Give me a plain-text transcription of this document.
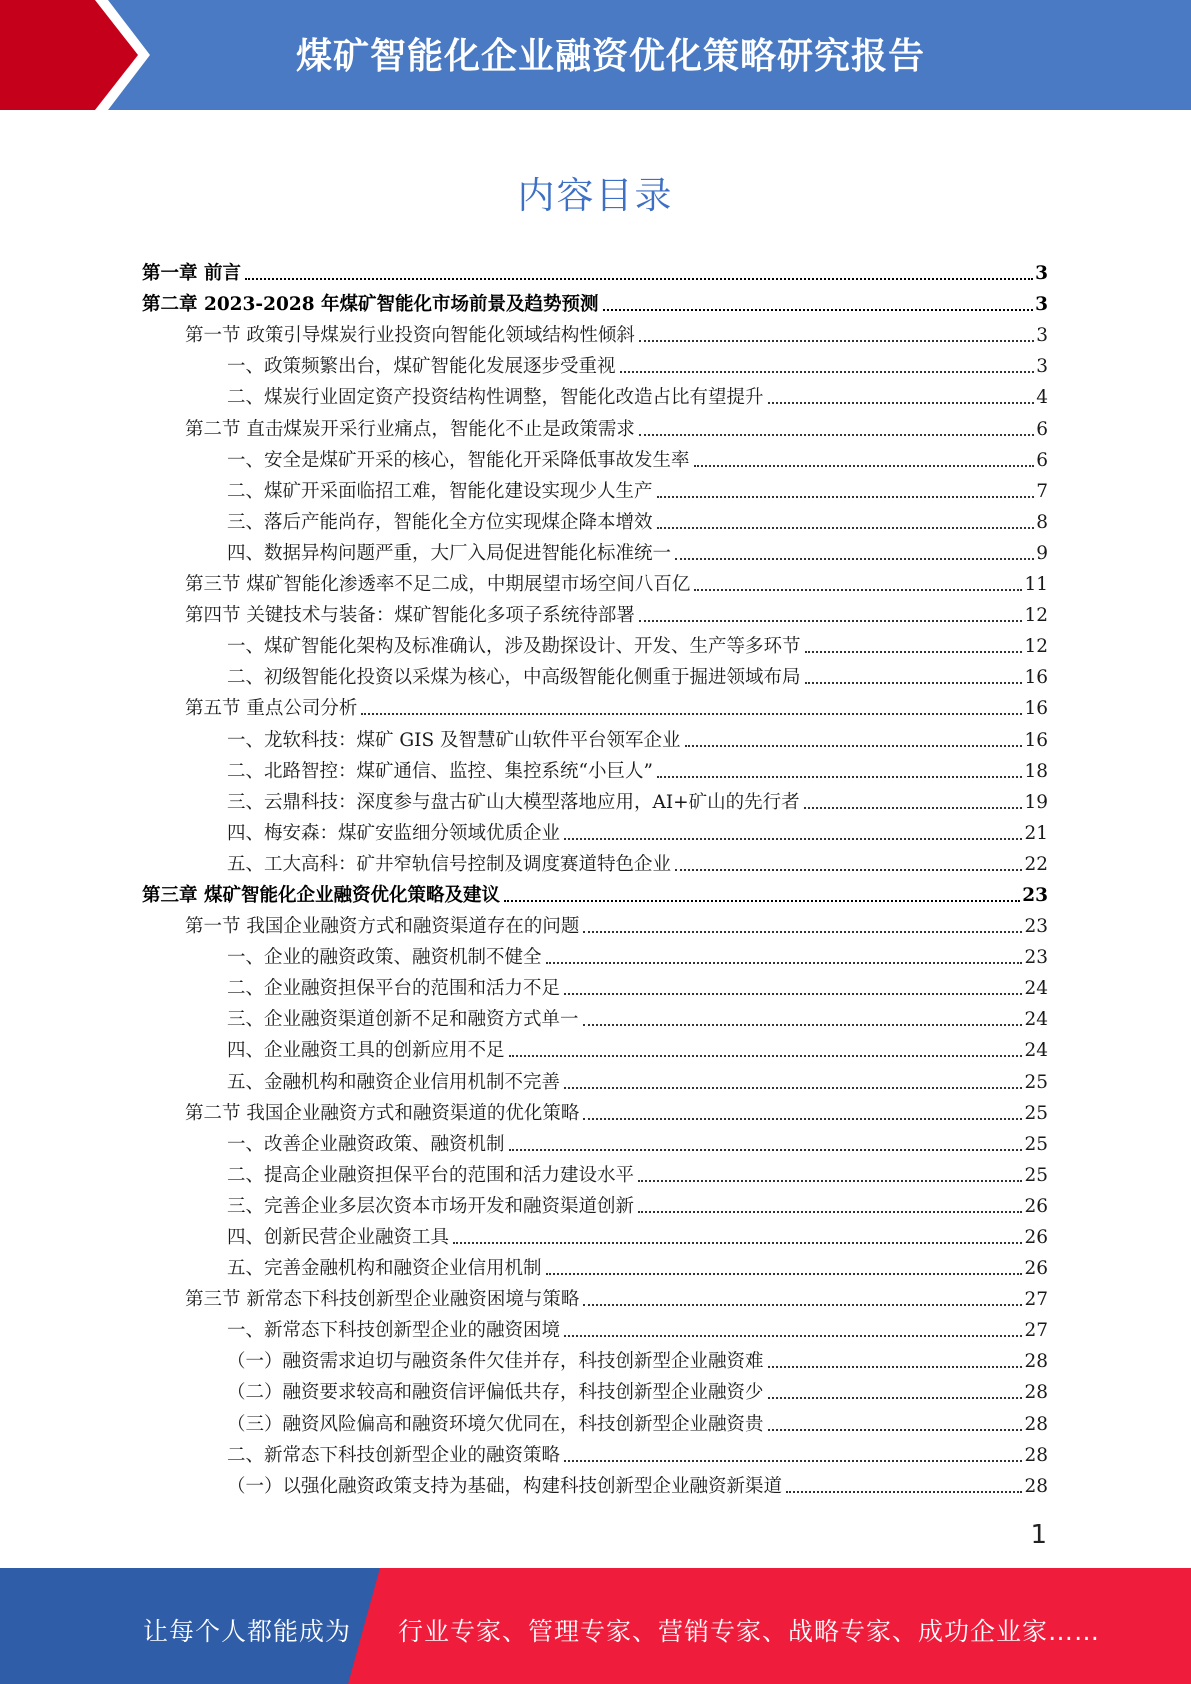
煤矿智能化企业融资优化策略研究报告
内容目录
第一章 前言	3
第二章 2023-2028 年煤矿智能化市场前景及趋势预测	3
第一节 政策引导煤炭行业投资向智能化领域结构性倾斜	3
一、政策频繁出台，煤矿智能化发展逐步受重视	3
二、煤炭行业固定资产投资结构性调整，智能化改造占比有望提升	4
第二节 直击煤炭开采行业痛点，智能化不止是政策需求	6
一、安全是煤矿开采的核心，智能化开采降低事故发生率	6
二、煤矿开采面临招工难，智能化建设实现少人生产	7
三、落后产能尚存，智能化全方位实现煤企降本增效	8
四、数据异构问题严重，大厂入局促进智能化标准统一	9
第三节 煤矿智能化渗透率不足二成，中期展望市场空间八百亿	11
第四节 关键技术与装备：煤矿智能化多项子系统待部署	12
一、煤矿智能化架构及标准确认，涉及勘探设计、开发、生产等多环节	12
二、初级智能化投资以采煤为核心，中高级智能化侧重于掘进领域布局	16
第五节 重点公司分析	16
一、龙软科技：煤矿 GIS 及智慧矿山软件平台领军企业	16
二、北路智控：煤矿通信、监控、集控系统“小巨人”	18
三、云鼎科技：深度参与盘古矿山大模型落地应用，AI+矿山的先行者	19
四、梅安森：煤矿安监细分领域优质企业	21
五、工大高科：矿井窄轨信号控制及调度赛道特色企业	22
第三章 煤矿智能化企业融资优化策略及建议	23
第一节 我国企业融资方式和融资渠道存在的问题	23
一、企业的融资政策、融资机制不健全	23
二、企业融资担保平台的范围和活力不足	24
三、企业融资渠道创新不足和融资方式单一	24
四、企业融资工具的创新应用不足	24
五、金融机构和融资企业信用机制不完善	25
第二节 我国企业融资方式和融资渠道的优化策略	25
一、改善企业融资政策、融资机制	25
二、提高企业融资担保平台的范围和活力建设水平	25
三、完善企业多层次资本市场开发和融资渠道创新	26
四、创新民营企业融资工具	26
五、完善金融机构和融资企业信用机制	26
第三节 新常态下科技创新型企业融资困境与策略	27
一、新常态下科技创新型企业的融资困境	27
（一）融资需求迫切与融资条件欠佳并存，科技创新型企业融资难	28
（二）融资要求较高和融资信评偏低共存，科技创新型企业融资少	28
（三）融资风险偏高和融资环境欠优同在，科技创新型企业融资贵	28
二、新常态下科技创新型企业的融资策略	28
（一）以强化融资政策支持为基础，构建科技创新型企业融资新渠道	28
1
让每个人都能成为 行业专家、管理专家、营销专家、战略专家、成功企业家……
